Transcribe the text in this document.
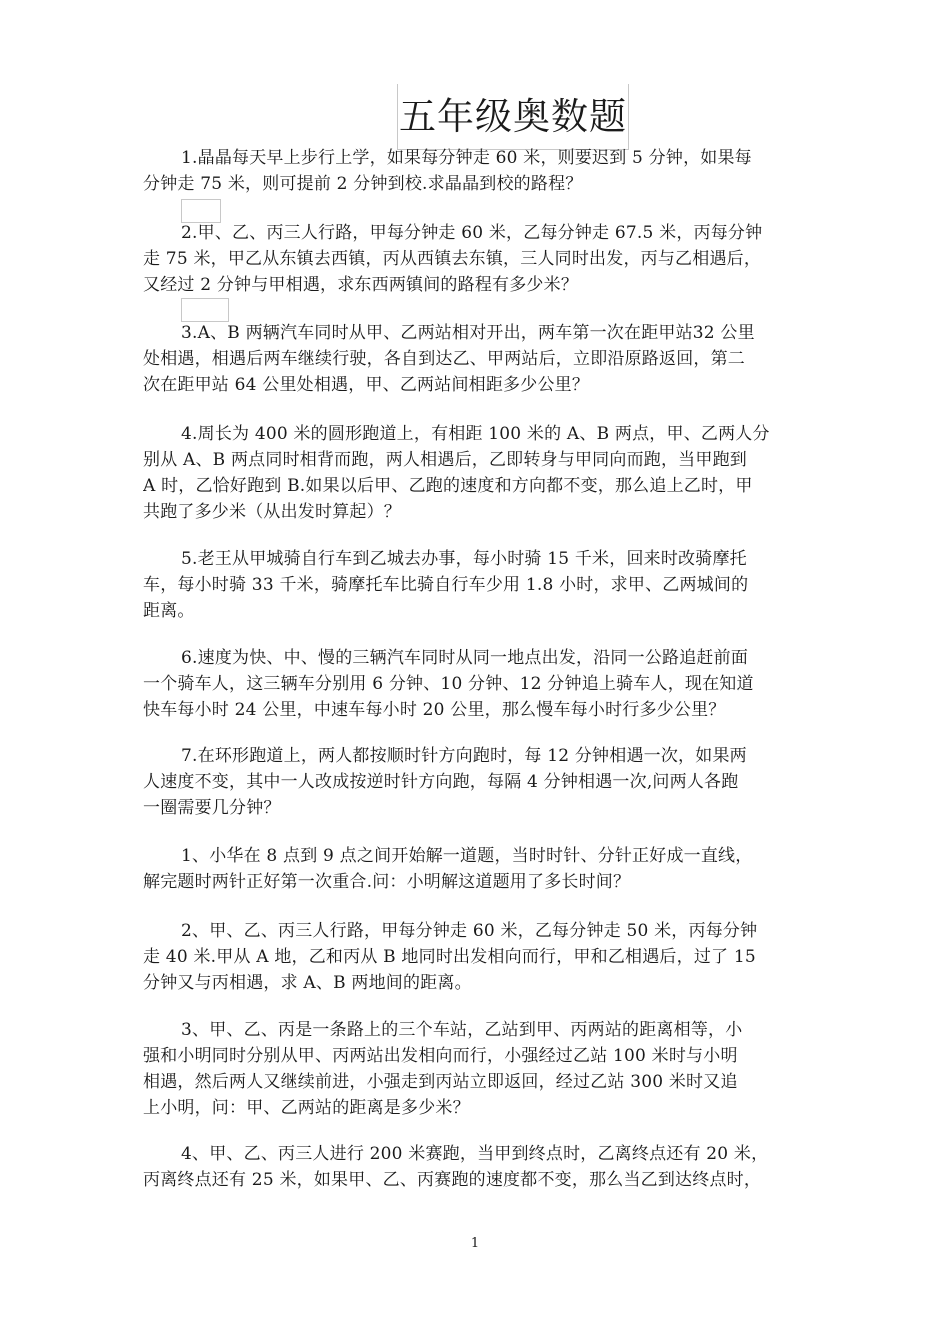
五年级奥数题
1.晶晶每天早上步行上学，如果每分钟走 60 米，则要迟到 5 分钟，如果每
分钟走 75 米，则可提前 2 分钟到校.求晶晶到校的路程？
2.甲、乙、丙三人行路，甲每分钟走 60 米，乙每分钟走 67.5 米，丙每分钟
走 75 米，甲乙从东镇去西镇，丙从西镇去东镇，三人同时出发，丙与乙相遇后，
又经过 2 分钟与甲相遇，求东西两镇间的路程有多少米？
3.A、B 两辆汽车同时从甲、乙两站相对开出，两车第一次在距甲站32 公里
处相遇，相遇后两车继续行驶，各自到达乙、甲两站后，立即沿原路返回，第二
次在距甲站 64 公里处相遇，甲、乙两站间相距多少公里？
4.周长为 400 米的圆形跑道上，有相距 100 米的 A、B 两点，甲、乙两人分
别从 A、B 两点同时相背而跑，两人相遇后，乙即转身与甲同向而跑，当甲跑到
A 时，乙恰好跑到 B.如果以后甲、乙跑的速度和方向都不变，那么追上乙时，甲
共跑了多少米（从出发时算起）？
5.老王从甲城骑自行车到乙城去办事，每小时骑 15 千米，回来时改骑摩托
车，每小时骑 33 千米，骑摩托车比骑自行车少用 1.8 小时，求甲、乙两城间的
距离。
6.速度为快、中、慢的三辆汽车同时从同一地点出发，沿同一公路追赶前面
一个骑车人，这三辆车分别用 6 分钟、10 分钟、12 分钟追上骑车人，现在知道
快车每小时 24 公里，中速车每小时 20 公里，那么慢车每小时行多少公里？
7.在环形跑道上，两人都按顺时针方向跑时，每 12 分钟相遇一次，如果两
人速度不变，其中一人改成按逆时针方向跑，每隔 4 分钟相遇一次,问两人各跑
一圈需要几分钟？
1、小华在 8 点到 9 点之间开始解一道题，当时时针、分针正好成一直线，
解完题时两针正好第一次重合.问：小明解这道题用了多长时间？
2、甲、乙、丙三人行路，甲每分钟走 60 米，乙每分钟走 50 米，丙每分钟
走 40 米.甲从 A 地，乙和丙从 B 地同时出发相向而行，甲和乙相遇后，过了 15
分钟又与丙相遇，求 A、B 两地间的距离。
3、甲、乙、丙是一条路上的三个车站，乙站到甲、丙两站的距离相等，小
强和小明同时分别从甲、丙两站出发相向而行，小强经过乙站 100 米时与小明
相遇，然后两人又继续前进，小强走到丙站立即返回，经过乙站 300 米时又追
上小明，问：甲、乙两站的距离是多少米？
4、甲、乙、丙三人进行 200 米赛跑，当甲到终点时，乙离终点还有 20 米，
丙离终点还有 25 米，如果甲、乙、丙赛跑的速度都不变，那么当乙到达终点时，
1
